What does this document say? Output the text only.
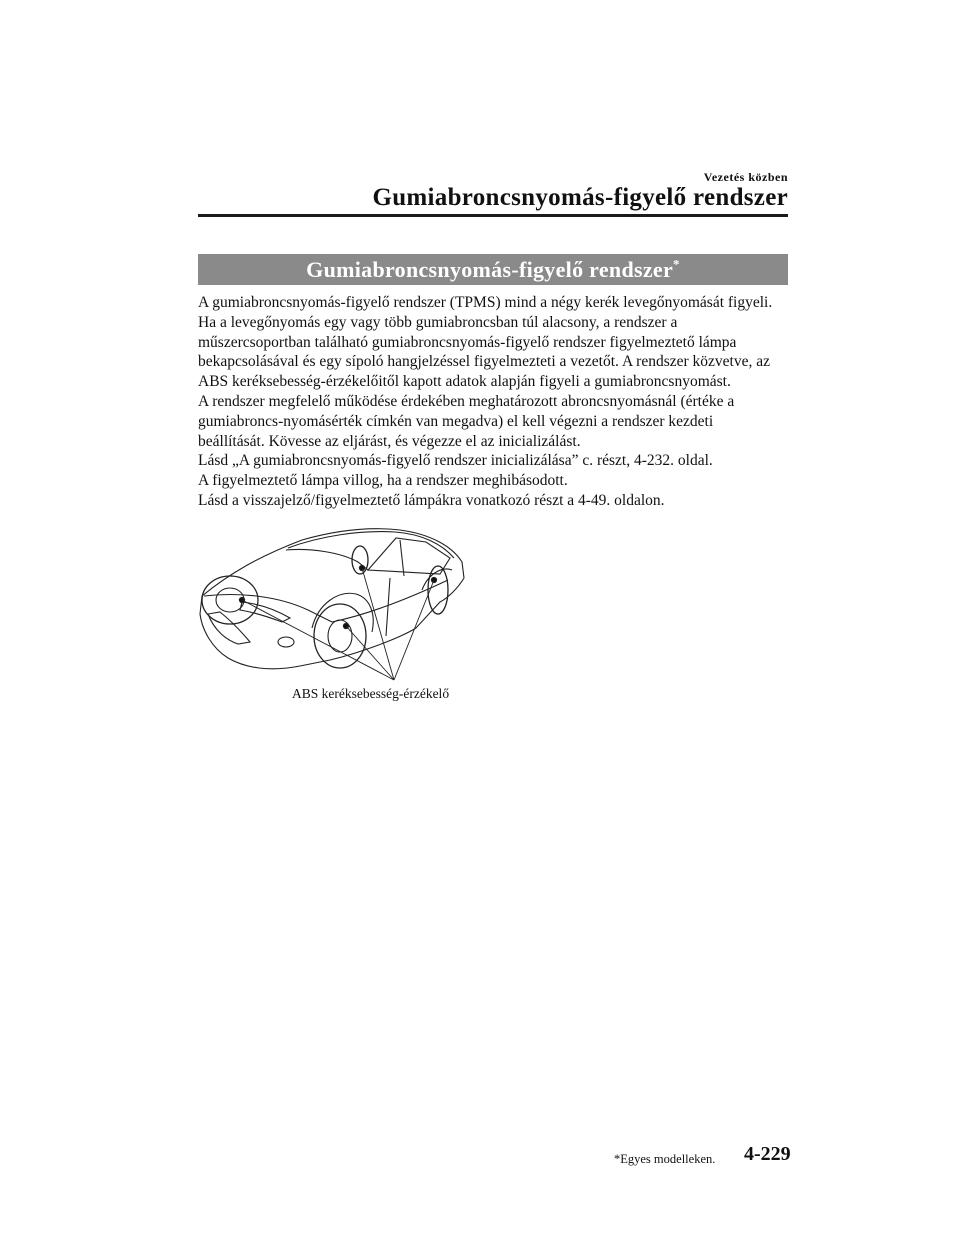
Vezetés közben
Gumiabroncsnyomás-figyelő rendszer
Gumiabroncsnyomás-figyelő rendszer*

A gumiabroncsnyomás-figyelő rendszer (TPMS) mind a négy kerék levegőnyomását figyeli.

Ha a levegőnyomás egy vagy több gumiabroncsban túl alacsony, a rendszer a

műszercsoportban található gumiabroncsnyomás-figyelő rendszer figyelmeztető lámpa

bekapcsolásával és egy sípoló hangjelzéssel figyelmezteti a vezetőt. A rendszer közvetve, az

ABS keréksebesség-érzékelőitől kapott adatok alapján figyeli a gumiabroncsnyomást.

A rendszer megfelelő működése érdekében meghatározott abroncsnyomásnál (értéke a

gumiabroncs-nyomásérték címkén van megadva) el kell végezni a rendszer kezdeti

beállítását. Kövesse az eljárást, és végezze el az inicializálást.

Lásd „A gumiabroncsnyomás-figyelő rendszer inicializálása” c. részt, 4-232. oldal.

A figyelmeztető lámpa villog, ha a rendszer meghibásodott.

Lásd a visszajelző/figyelmeztető lámpákra vonatkozó részt a 4-49. oldalon.

ABS keréksebesség-érzékelő
*Egyes modelleken. 4-229
